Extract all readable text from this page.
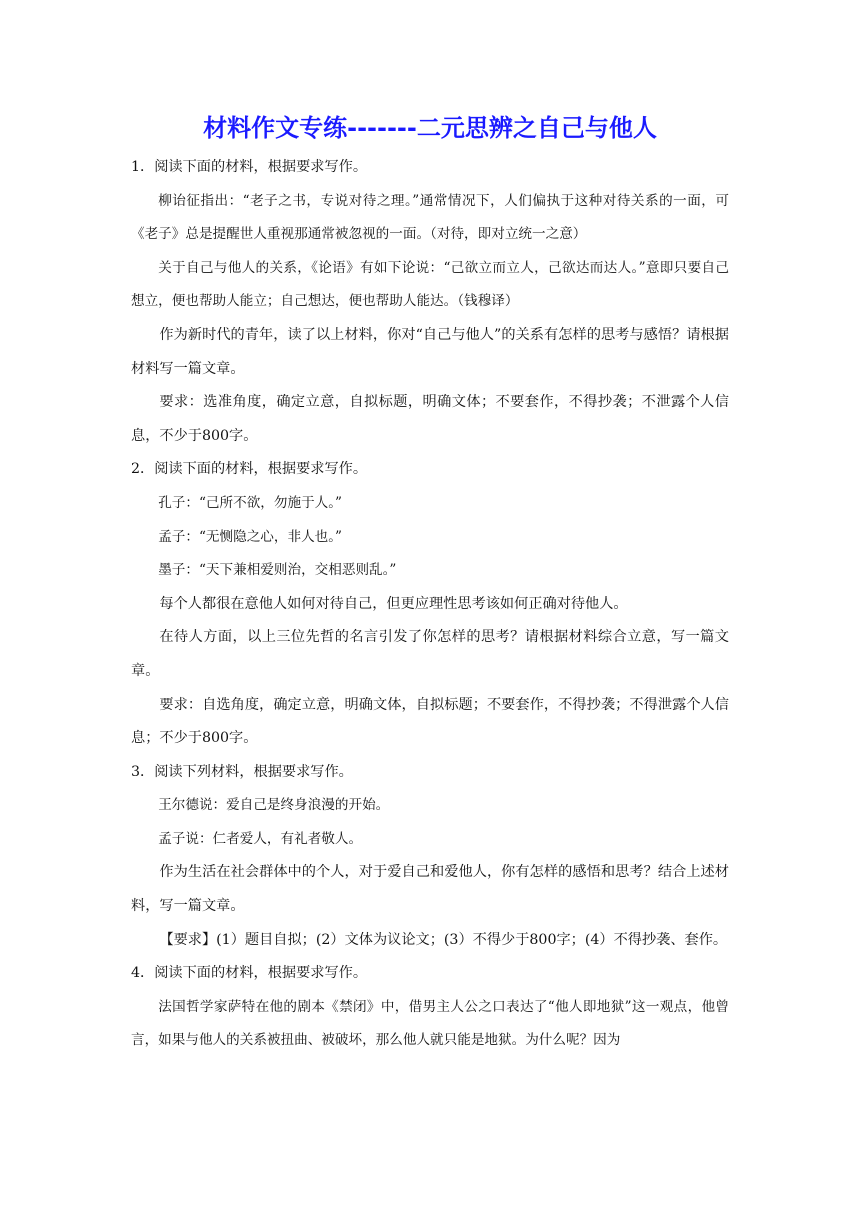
材料作文专练-------二元思辨之自己与他人

1．阅读下面的材料，根据要求写作。

柳诒征指出：“老子之书，专说对待之理。”通常情况下，人们偏执于这种对待关系的一面，可《老子》总是提醒世人重视那通常被忽视的一面。（对待，即对立统一之意）

关于自己与他人的关系，《论语》有如下论说：“己欲立而立人，己欲达而达人。”意即只要自己想立，便也帮助人能立；自己想达，便也帮助人能达。（钱穆译）

作为新时代的青年，读了以上材料，你对“自己与他人”的关系有怎样的思考与感悟？请根据材料写一篇文章。

要求：选准角度，确定立意，自拟标题，明确文体；不要套作，不得抄袭；不泄露个人信息，不少于800字。

2．阅读下面的材料，根据要求写作。

孔子：“己所不欲，勿施于人。”

孟子：“无恻隐之心，非人也。”

墨子：“天下兼相爱则治，交相恶则乱。”

每个人都很在意他人如何对待自己，但更应理性思考该如何正确对待他人。

在待人方面，以上三位先哲的名言引发了你怎样的思考？请根据材料综合立意，写一篇文章。

要求：自选角度，确定立意，明确文体，自拟标题；不要套作，不得抄袭；不得泄露个人信息；不少于800字。

3．阅读下列材料，根据要求写作。

王尔德说：爱自己是终身浪漫的开始。

孟子说：仁者爱人，有礼者敬人。

作为生活在社会群体中的个人，对于爱自己和爱他人，你有怎样的感悟和思考？结合上述材料，写一篇文章。

【要求】(1）题目自拟；(2）文体为议论文；(3）不得少于800字；(4）不得抄袭、套作。

4．阅读下面的材料，根据要求写作。

法国哲学家萨特在他的剧本《禁闭》中，借男主人公之口表达了“他人即地狱”这一观点，他曾言，如果与他人的关系被扭曲、被破坏，那么他人就只能是地狱。为什么呢？因为
